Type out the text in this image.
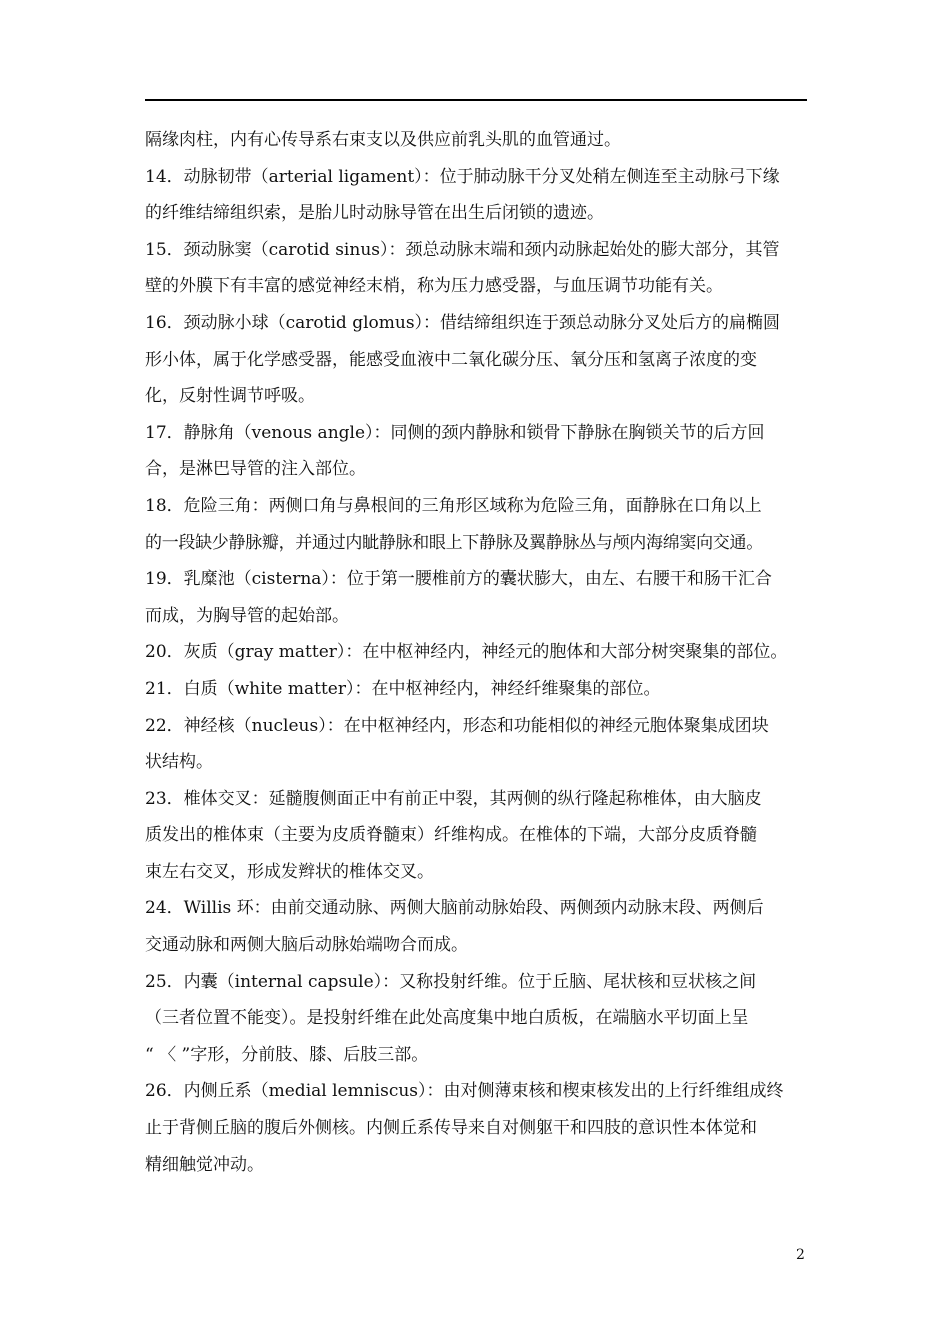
隔缘肉柱，内有心传导系右束支以及供应前乳头肌的血管通过。
14．动脉韧带（arterial ligament）：位于肺动脉干分叉处稍左侧连至主动脉弓下缘
的纤维结缔组织索，是胎儿时动脉导管在出生后闭锁的遗迹。
15．颈动脉窦（carotid sinus）：颈总动脉末端和颈内动脉起始处的膨大部分，其管
壁的外膜下有丰富的感觉神经末梢，称为压力感受器，与血压调节功能有关。
16．颈动脉小球（carotid glomus）：借结缔组织连于颈总动脉分叉处后方的扁椭圆
形小体，属于化学感受器，能感受血液中二氧化碳分压、氧分压和氢离子浓度的变
化，反射性调节呼吸。
17．静脉角（venous angle）：同侧的颈内静脉和锁骨下静脉在胸锁关节的后方回
合，是淋巴导管的注入部位。
18．危险三角：两侧口角与鼻根间的三角形区域称为危险三角，面静脉在口角以上
的一段缺少静脉瓣，并通过内眦静脉和眼上下静脉及翼静脉丛与颅内海绵窦向交通。
19．乳糜池（cisterna）：位于第一腰椎前方的囊状膨大，由左、右腰干和肠干汇合
而成，为胸导管的起始部。
20．灰质（gray matter）：在中枢神经内，神经元的胞体和大部分树突聚集的部位。
21．白质（white matter）：在中枢神经内，神经纤维聚集的部位。
22．神经核（nucleus）：在中枢神经内，形态和功能相似的神经元胞体聚集成团块
状结构。
23．椎体交叉：延髓腹侧面正中有前正中裂，其两侧的纵行隆起称椎体，由大脑皮
质发出的椎体束（主要为皮质脊髓束）纤维构成。在椎体的下端，大部分皮质脊髓
束左右交叉，形成发辫状的椎体交叉。
24．Willis 环：由前交通动脉、两侧大脑前动脉始段、两侧颈内动脉末段、两侧后
交通动脉和两侧大脑后动脉始端吻合而成。
25．内囊（internal capsule）：又称投射纤维。位于丘脑、尾状核和豆状核之间
（三者位置不能变）。是投射纤维在此处高度集中地白质板，在端脑水平切面上呈
“ 〈 ”字形，分前肢、膝、后肢三部。
26．内侧丘系（medial lemniscus）：由对侧薄束核和楔束核发出的上行纤维组成终
止于背侧丘脑的腹后外侧核。内侧丘系传导来自对侧躯干和四肢的意识性本体觉和
精细触觉冲动。
2
